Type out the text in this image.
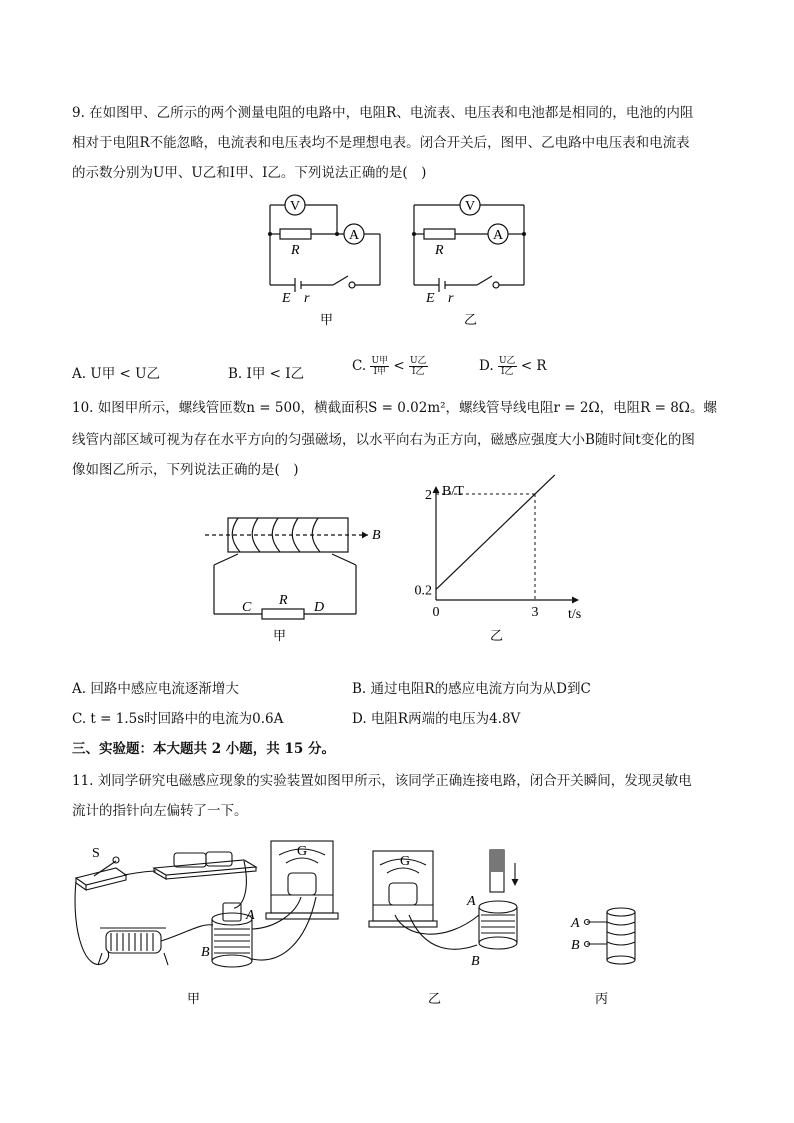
9. 在如图甲、乙所示的两个测量电阻的电路中，电阻R、电流表、电压表和电池都是相同的，电池的内阻
相对于电阻R不能忽略，电流表和电压表均不是理想电表。闭合开关后，图甲、乙电路中电压表和电流表
的示数分别为U甲、U乙和I甲、I乙。下列说法正确的是(　)
V
A
R
E r
甲
V
A
R
E r
乙
A. U甲 < U乙	B. I甲 < I乙	C. $\frac{\text{U甲}}{\text{I甲}} < \frac{\text{U乙}}{\text{I乙}}$	D. $\frac{\text{U乙}}{\text{I乙}} < R$
10. 如图甲所示，螺线管匝数n = 500，横截面积S = 0.02m²，螺线管导线电阻r = 2Ω，电阻R = 8Ω。螺
线管内部区域可视为存在水平方向的匀强磁场，以水平向右为正方向，磁感应强度大小B随时间t变化的图
像如图乙所示，下列说法正确的是(　)
B
C R D
甲
0.2
2
0	3
B/T
t/s
乙
A. 回路中感应电流逐渐增大	B. 通过电阻R的感应电流方向为从D到C
C. t = 1.5s时回路中的电流为0.6A	D. 电阻R两端的电压为4.8V
三、实验题：本大题共 2 小题，共 15 分。
11. 刘同学研究电磁感应现象的实验装置如图甲所示，该同学正确连接电路，闭合开关瞬间，发现灵敏电
流计的指针向左偏转了一下。
S
A
B
G
甲
A
B
G
乙
A
B
丙
